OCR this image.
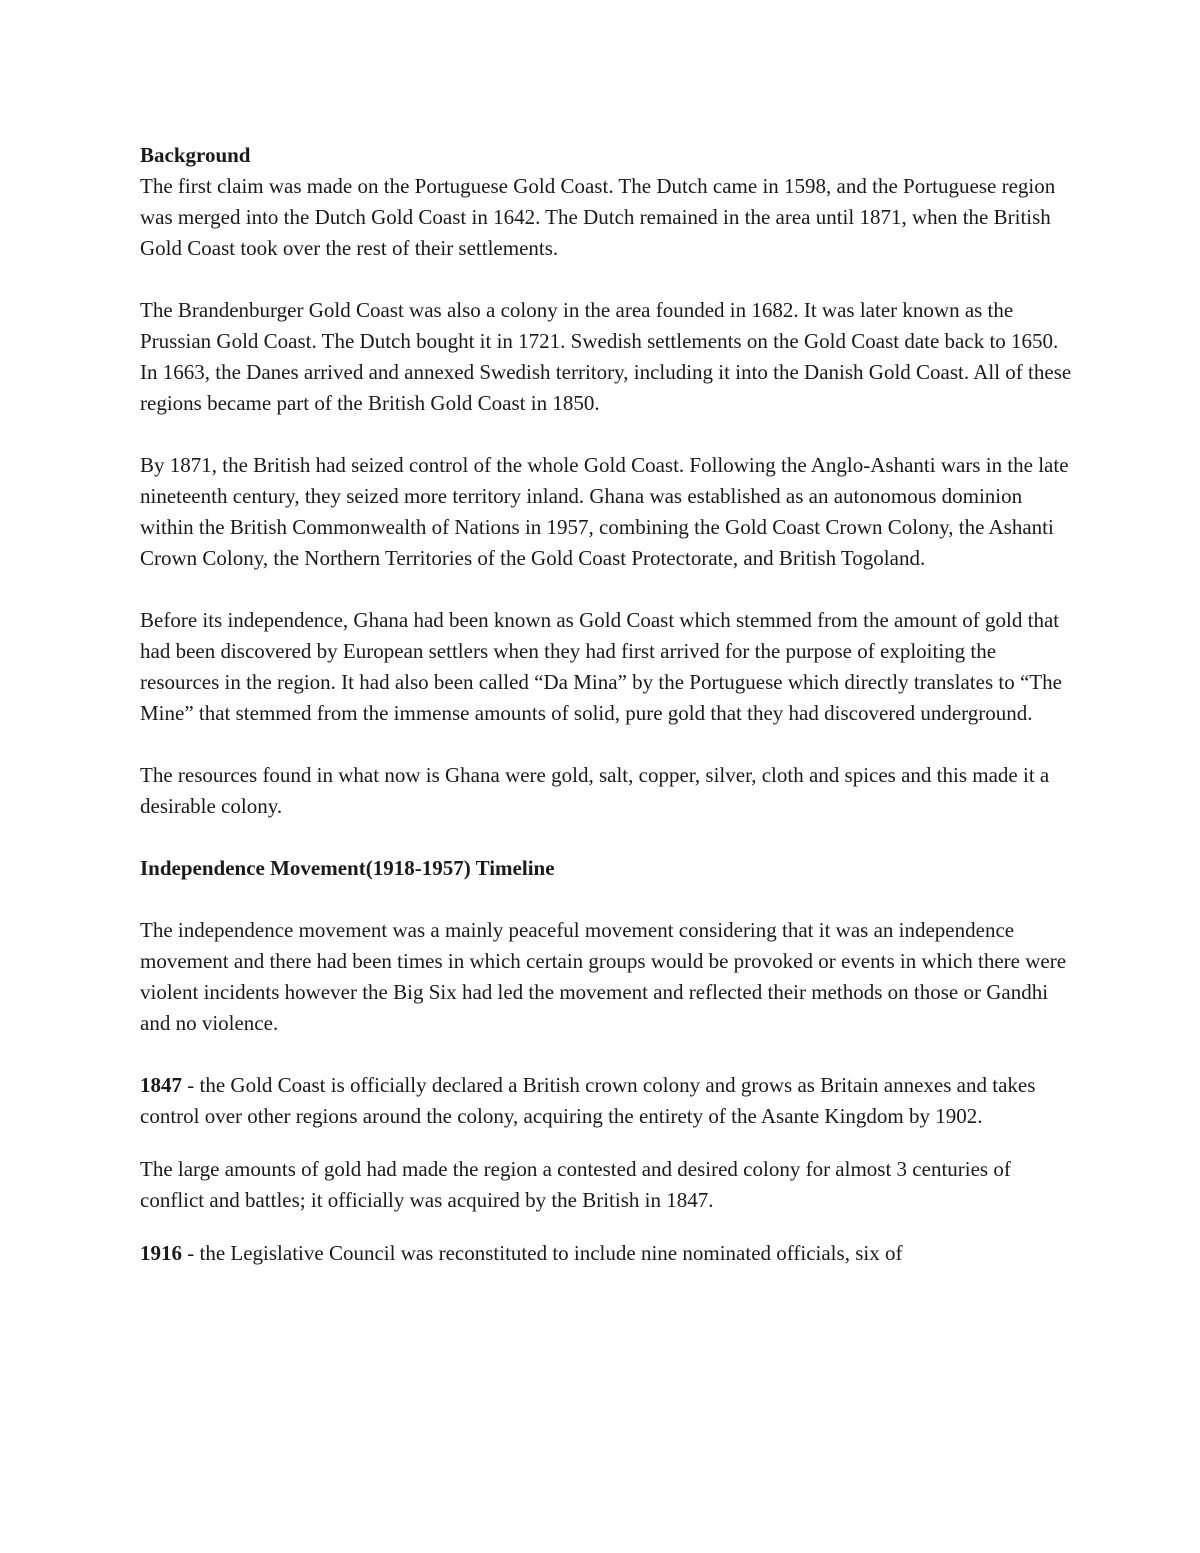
Background

The first claim was made on the Portuguese Gold Coast. The Dutch came in 1598, and the Portuguese region was merged into the Dutch Gold Coast in 1642. The Dutch remained in the area until 1871, when the British Gold Coast took over the rest of their settlements.

The Brandenburger Gold Coast was also a colony in the area founded in 1682. It was later known as the Prussian Gold Coast. The Dutch bought it in 1721. Swedish settlements on the Gold Coast date back to 1650. In 1663, the Danes arrived and annexed Swedish territory, including it into the Danish Gold Coast. All of these regions became part of the British Gold Coast in 1850.

By 1871, the British had seized control of the whole Gold Coast. Following the Anglo-Ashanti wars in the late nineteenth century, they seized more territory inland. Ghana was established as an autonomous dominion within the British Commonwealth of Nations in 1957, combining the Gold Coast Crown Colony, the Ashanti Crown Colony, the Northern Territories of the Gold Coast Protectorate, and British Togoland.

Before its independence, Ghana had been known as Gold Coast which stemmed from the amount of gold that had been discovered by European settlers when they had first arrived for the purpose of exploiting the resources in the region. It had also been called “Da Mina” by the Portuguese which directly translates to “The Mine” that stemmed from the immense amounts of solid, pure gold that they had discovered underground.

The resources found in what now is Ghana were gold, salt, copper, silver, cloth and spices and this made it a desirable colony.

Independence Movement(1918-1957) Timeline

The independence movement was a mainly peaceful movement considering that it was an independence movement and there had been times in which certain groups would be provoked or events in which there were violent incidents however the Big Six had led the movement and reflected their methods on those or Gandhi and no violence.

1847 - the Gold Coast is officially declared a British crown colony and grows as Britain annexes and takes control over other regions around the colony, acquiring the entirety of the Asante Kingdom by 1902.

The large amounts of gold had made the region a contested and desired colony for almost 3 centuries of conflict and battles; it officially was acquired by the British in 1847.

1916 - the Legislative Council was reconstituted to include nine nominated officials, six of
